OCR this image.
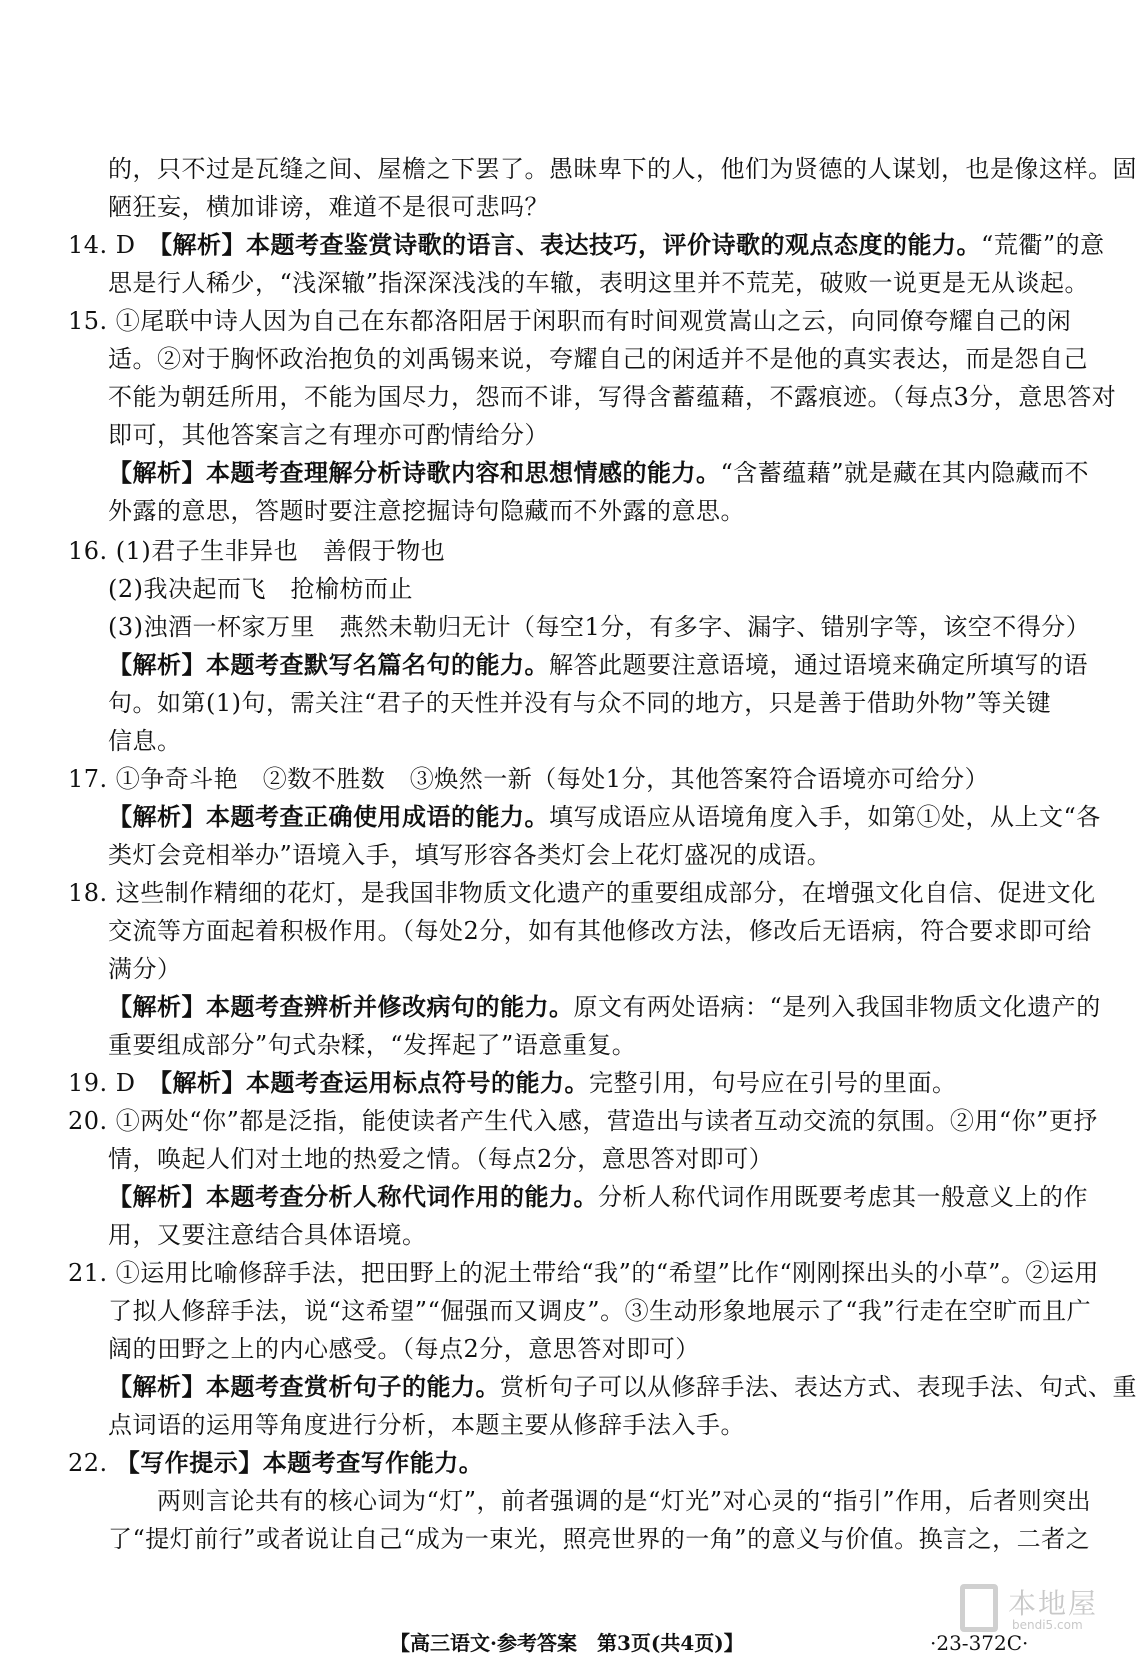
的，只不过是瓦缝之间、屋檐之下罢了。愚昧卑下的人，他们为贤德的人谋划，也是像这样。固
陋狂妄，横加诽谤，难道不是很可悲吗？
14. D　【解析】本题考查鉴赏诗歌的语言、表达技巧，评价诗歌的观点态度的能力。“荒衢”的意
思是行人稀少，“浅深辙”指深深浅浅的车辙，表明这里并不荒芜，破败一说更是无从谈起。
15. ①尾联中诗人因为自己在东都洛阳居于闲职而有时间观赏嵩山之云，向同僚夸耀自己的闲
适。②对于胸怀政治抱负的刘禹锡来说，夸耀自己的闲适并不是他的真实表达，而是怨自己
不能为朝廷所用，不能为国尽力，怨而不诽，写得含蓄蕴藉，不露痕迹。（每点3分，意思答对
即可，其他答案言之有理亦可酌情给分）
【解析】本题考查理解分析诗歌内容和思想情感的能力。“含蓄蕴藉”就是藏在其内隐藏而不
外露的意思，答题时要注意挖掘诗句隐藏而不外露的意思。
16. (1)君子生非异也　善假于物也
(2)我决起而飞　抢榆枋而止
(3)浊酒一杯家万里　燕然未勒归无计（每空1分，有多字、漏字、错别字等，该空不得分）
【解析】本题考查默写名篇名句的能力。解答此题要注意语境，通过语境来确定所填写的语
句。如第(1)句，需关注“君子的天性并没有与众不同的地方，只是善于借助外物”等关键
信息。
17. ①争奇斗艳　②数不胜数　③焕然一新（每处1分，其他答案符合语境亦可给分）
【解析】本题考查正确使用成语的能力。填写成语应从语境角度入手，如第①处，从上文“各
类灯会竞相举办”语境入手，填写形容各类灯会上花灯盛况的成语。
18. 这些制作精细的花灯，是我国非物质文化遗产的重要组成部分，在增强文化自信、促进文化
交流等方面起着积极作用。（每处2分，如有其他修改方法，修改后无语病，符合要求即可给
满分）
【解析】本题考查辨析并修改病句的能力。原文有两处语病：“是列入我国非物质文化遗产的
重要组成部分”句式杂糅，“发挥起了”语意重复。
19. D　【解析】本题考查运用标点符号的能力。完整引用，句号应在引号的里面。
20. ①两处“你”都是泛指，能使读者产生代入感，营造出与读者互动交流的氛围。②用“你”更抒
情，唤起人们对土地的热爱之情。（每点2分，意思答对即可）
【解析】本题考查分析人称代词作用的能力。分析人称代词作用既要考虑其一般意义上的作
用，又要注意结合具体语境。
21. ①运用比喻修辞手法，把田野上的泥土带给“我”的“希望”比作“刚刚探出头的小草”。②运用
了拟人修辞手法，说“这希望”“倔强而又调皮”。③生动形象地展示了“我”行走在空旷而且广
阔的田野之上的内心感受。（每点2分，意思答对即可）
【解析】本题考查赏析句子的能力。赏析句子可以从修辞手法、表达方式、表现手法、句式、重
点词语的运用等角度进行分析，本题主要从修辞手法入手。
22. 【写作提示】本题考查写作能力。
　　两则言论共有的核心词为“灯”，前者强调的是“灯光”对心灵的“指引”作用，后者则突出
了“提灯前行”或者说让自己“成为一束光，照亮世界的一角”的意义与价值。换言之，二者之
【高三语文·参考答案　第3页(共4页)】	·23-372C·
本地屋
bendi5.com
